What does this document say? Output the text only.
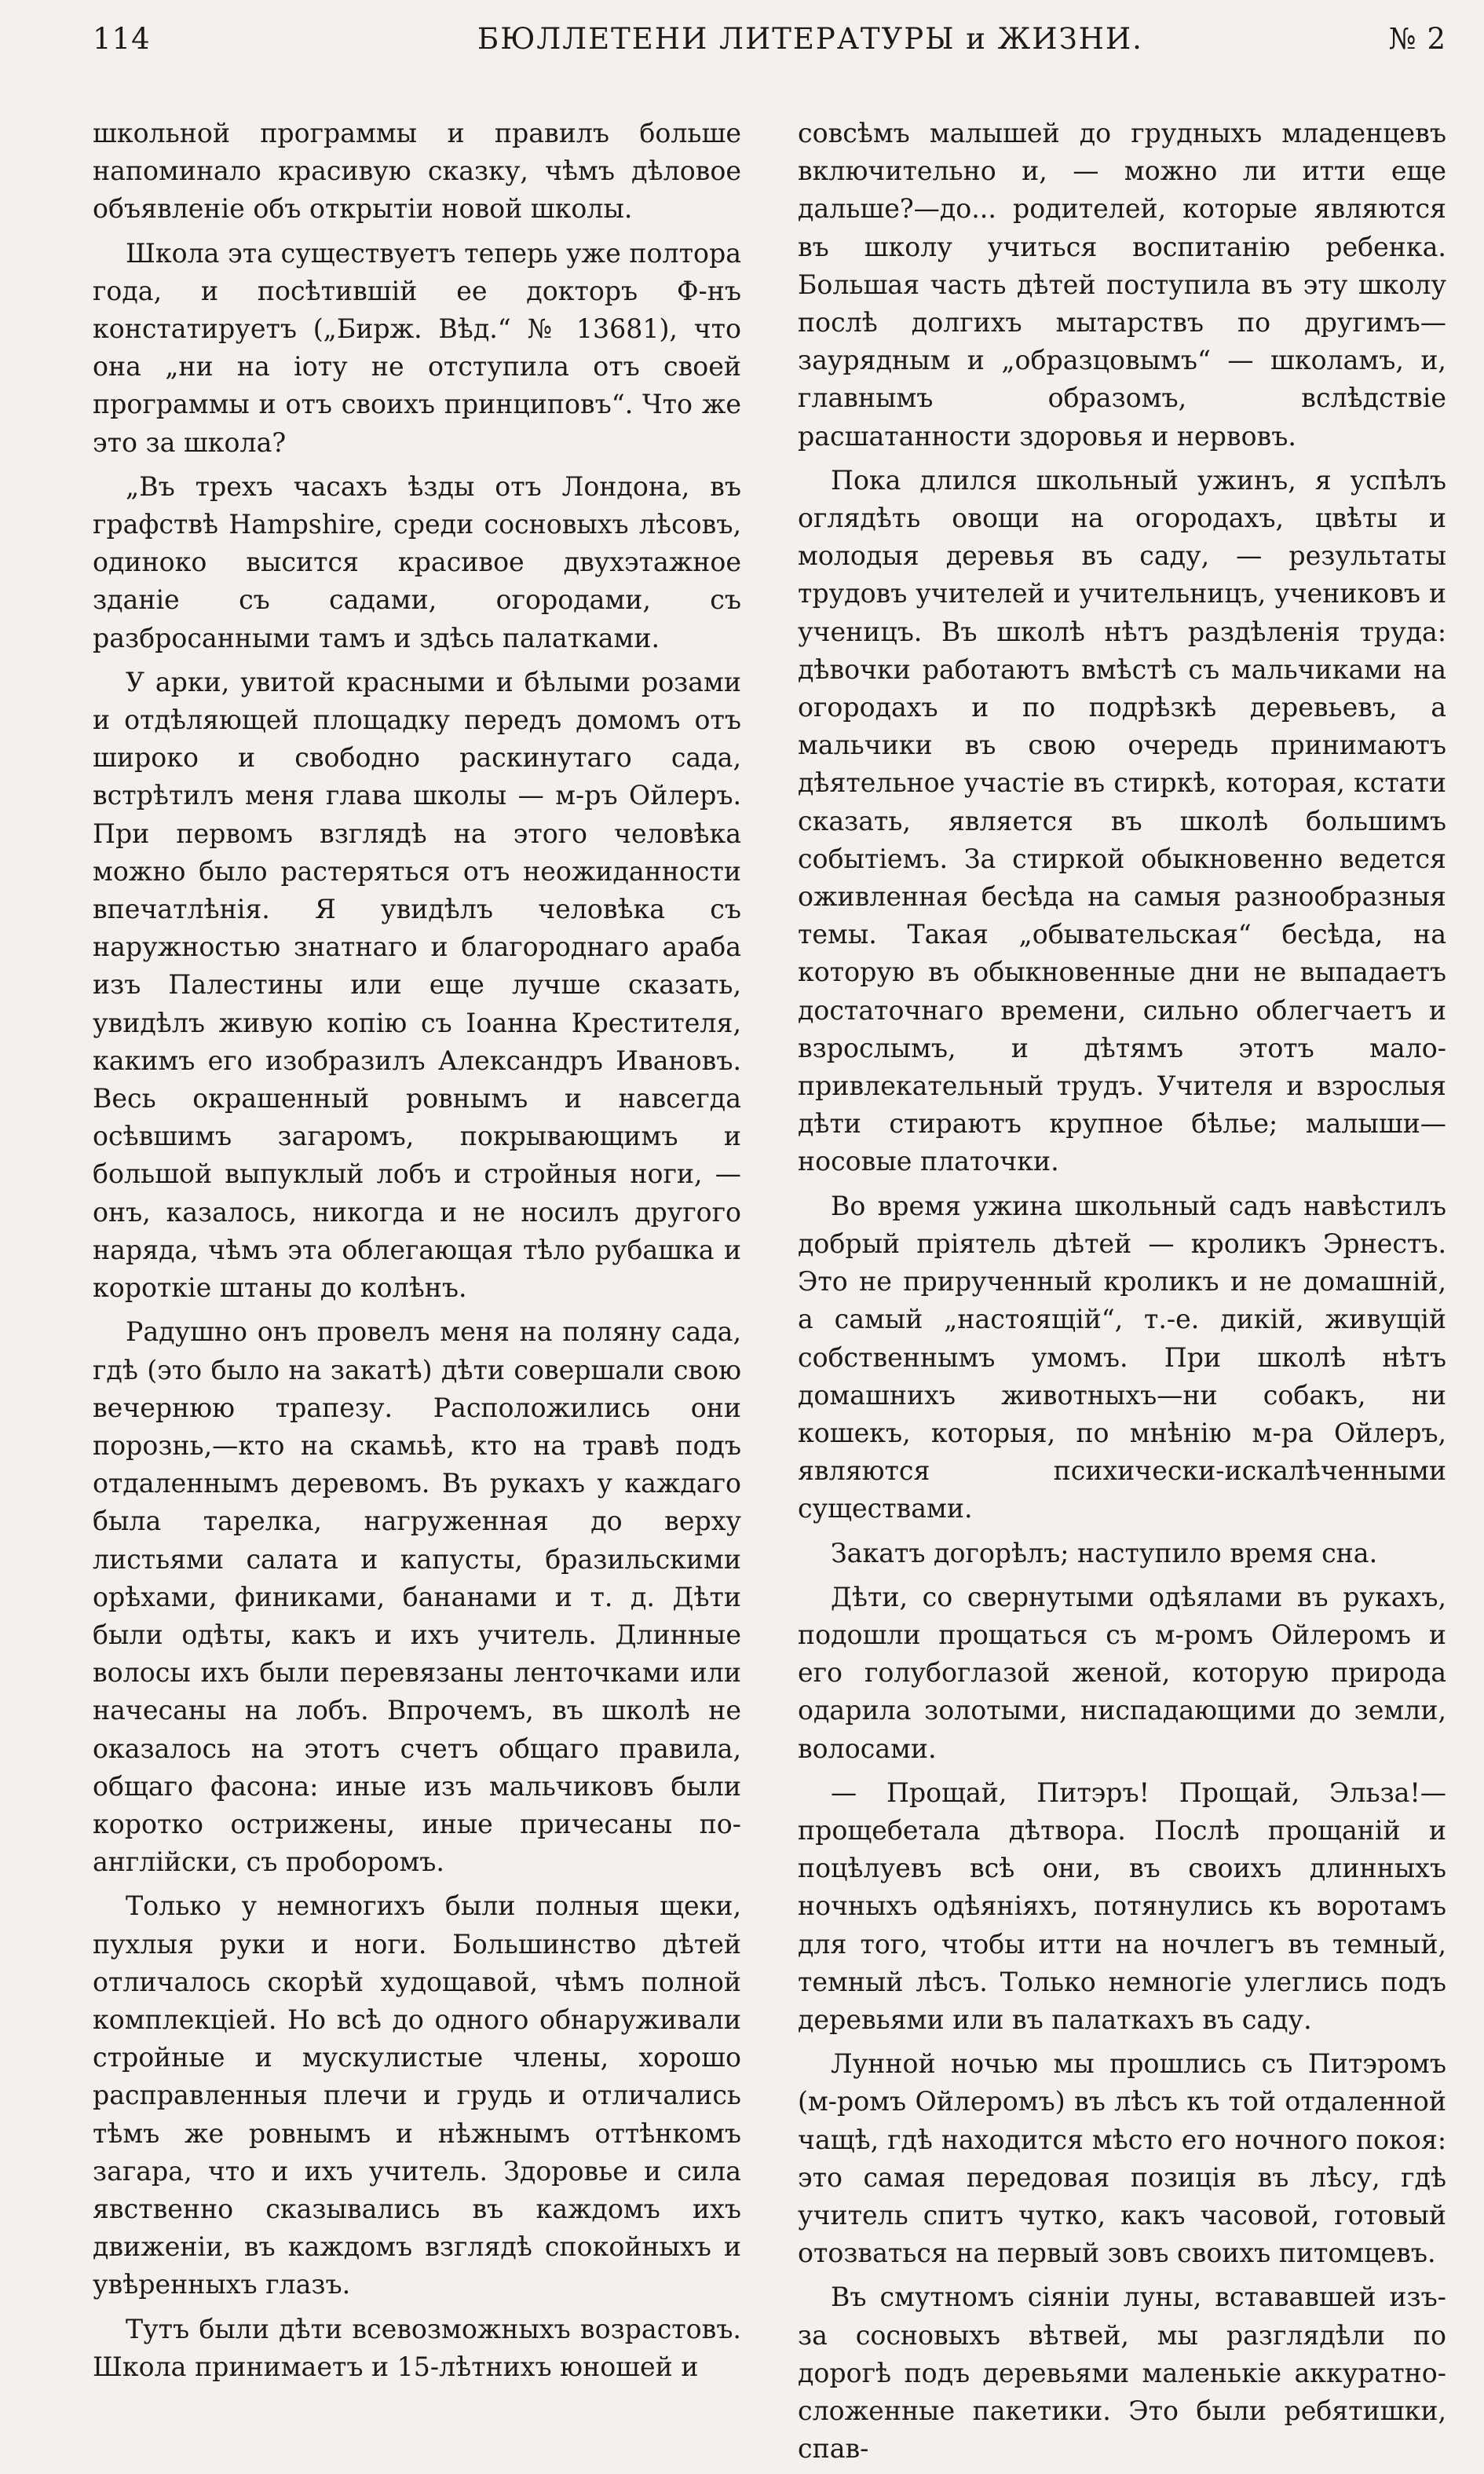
114	БЮЛЛЕТЕНИ ЛИТЕРАТУРЫ и ЖИЗНИ.	№ 2

школьной программы и правилъ больше напоминало красивую сказку, чѣмъ дѣловое объявленіе объ открытіи новой школы.

Школа эта существуетъ теперь уже полтора года, и посѣтившій ее докторъ Ф-нъ констатируетъ („Бирж. Вѣд.“ № 13681), что она „ни на іоту не отступила отъ своей программы и отъ своихъ принциповъ“. Что же это за школа?

„Въ трехъ часахъ ѣзды отъ Лондона, въ графствѣ Hampshire, среди сосновыхъ лѣсовъ, одиноко высится красивое двухэтажное зданіе съ садами, огородами, съ разбросанными тамъ и здѣсь палатками.

У арки, увитой красными и бѣлыми розами и отдѣляющей площадку передъ домомъ отъ широко и свободно раскинутаго сада, встрѣтилъ меня глава школы — м-ръ Ойлеръ. При первомъ взглядѣ на этого человѣка можно было растеряться отъ неожиданности впечатлѣнія. Я увидѣлъ человѣка съ наружностью знатнаго и благороднаго араба изъ Палестины или еще лучше сказать, увидѣлъ живую копію съ Іоанна Крестителя, какимъ его изобразилъ Александръ Ивановъ. Весь окрашенный ровнымъ и навсегда осѣвшимъ загаромъ, покрывающимъ и большой выпуклый лобъ и стройныя ноги, — онъ, казалось, никогда и не носилъ другого наряда, чѣмъ эта облегающая тѣло рубашка и короткіе штаны до колѣнъ.

Радушно онъ провелъ меня на поляну сада, гдѣ (это было на закатѣ) дѣти совершали свою вечернюю трапезу. Расположились они порознь,—кто на скамьѣ, кто на травѣ подъ отдаленнымъ деревомъ. Въ рукахъ у каждаго была тарелка, нагруженная до верху листьями салата и капусты, бразильскими орѣхами, финиками, бананами и т. д. Дѣти были одѣты, какъ и ихъ учитель. Длинные волосы ихъ были перевязаны ленточками или начесаны на лобъ. Впрочемъ, въ школѣ не оказалось на этотъ счетъ общаго правила, общаго фасона: иные изъ мальчиковъ были коротко острижены, иные причесаны по-англійски, съ проборомъ.

Только у немногихъ были полныя щеки, пухлыя руки и ноги. Большинство дѣтей отличалось скорѣй худощавой, чѣмъ полной комплекціей. Но всѣ до одного обнаруживали стройные и мускулистые члены, хорошо расправленныя плечи и грудь и отличались тѣмъ же ровнымъ и нѣжнымъ оттѣнкомъ загара, что и ихъ учитель. Здоровье и сила явственно сказывались въ каждомъ ихъ движеніи, въ каждомъ взглядѣ спокойныхъ и увѣренныхъ глазъ.

Тутъ были дѣти всевозможныхъ возрастовъ. Школа принимаетъ и 15-лѣтнихъ юношей и

совсѣмъ малышей до грудныхъ младенцевъ включительно и, — можно ли итти еще дальше?—до... родителей, которые являются въ школу учиться воспитанію ребенка. Большая часть дѣтей поступила въ эту школу послѣ долгихъ мытарствъ по другимъ—заурядным и „образцовымъ“ — школамъ, и, главнымъ образомъ, вслѣдствіе расшатанности здоровья и нервовъ.

Пока длился школьный ужинъ, я успѣлъ оглядѣть овощи на огородахъ, цвѣты и молодыя деревья въ саду, — результаты трудовъ учителей и учительницъ, учениковъ и ученицъ. Въ школѣ нѣтъ раздѣленія труда: дѣвочки работаютъ вмѣстѣ съ мальчиками на огородахъ и по подрѣзкѣ деревьевъ, а мальчики въ свою очередь принимаютъ дѣятельное участіе въ стиркѣ, которая, кстати сказать, является въ школѣ большимъ событіемъ. За стиркой обыкновенно ведется оживленная бесѣда на самыя разнообразныя темы. Такая „обывательская“ бесѣда, на которую въ обыкновенные дни не выпадаетъ достаточнаго времени, сильно облегчаетъ и взрослымъ, и дѣтямъ этотъ мало-привлекательный трудъ. Учителя и взрослыя дѣти стираютъ крупное бѣлье; малыши—носовые платочки.

Во время ужина школьный садъ навѣстилъ добрый пріятель дѣтей — кроликъ Эрнестъ. Это не прирученный кроликъ и не домашній, а самый „настоящій“, т.-е. дикій, живущій собственнымъ умомъ. При школѣ нѣтъ домашнихъ животныхъ—ни собакъ, ни кошекъ, которыя, по мнѣнію м-ра Ойлеръ, являются психически-искалѣченными существами.

Закатъ догорѣлъ; наступило время сна.

Дѣти, со свернутыми одѣялами въ рукахъ, подошли прощаться съ м-ромъ Ойлеромъ и его голубоглазой женой, которую природа одарила золотыми, ниспадающими до земли, волосами.

— Прощай, Питэръ! Прощай, Эльза!—прощебетала дѣтвора. Послѣ прощаній и поцѣлуевъ всѣ они, въ своихъ длинныхъ ночныхъ одѣяніяхъ, потянулись къ воротамъ для того, чтобы итти на ночлегъ въ темный, темный лѣсъ. Только немногіе улеглись подъ деревьями или въ палаткахъ въ саду.

Лунной ночью мы прошлись съ Питэромъ (м-ромъ Ойлеромъ) въ лѣсъ къ той отдаленной чащѣ, гдѣ находится мѣсто его ночного покоя: это самая передовая позиція въ лѣсу, гдѣ учитель спитъ чутко, какъ часовой, готовый отозваться на первый зовъ своихъ питомцевъ.

Въ смутномъ сіяніи луны, встававшей изъ-за сосновыхъ вѣтвей, мы разглядѣли по дорогѣ подъ деревьями маленькіе аккуратно-сложенные пакетики. Это были ребятишки, спав-
